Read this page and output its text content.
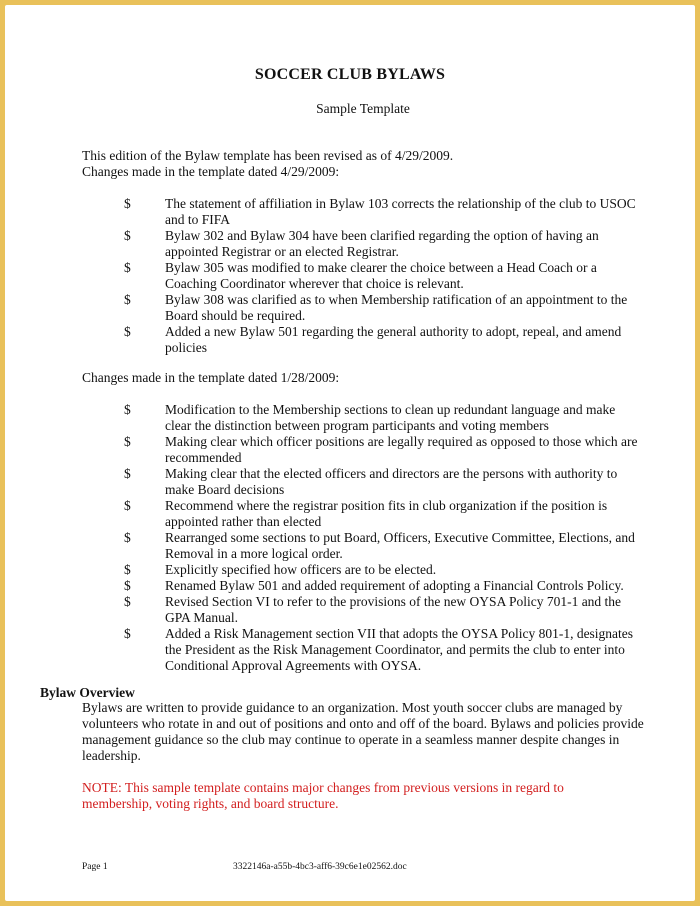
SOCCER CLUB BYLAWS
Sample Template
This edition of the Bylaw template has been revised as of 4/29/2009.
Changes made in the template dated 4/29/2009:
$	The statement of affiliation in Bylaw 103 corrects the relationship of the club to USOC and to FIFA
$	Bylaw 302 and Bylaw 304 have been clarified regarding the option of having an appointed Registrar or an elected Registrar.
$	Bylaw 305 was modified to make clearer the choice between a Head Coach or a Coaching Coordinator wherever that choice is relevant.
$	Bylaw 308 was clarified as to when Membership ratification of an appointment to the Board should be required.
$	Added a new Bylaw 501 regarding the general authority to adopt, repeal, and amend policies
Changes made in the template dated 1/28/2009:
$	Modification to the Membership sections to clean up redundant language and make clear the distinction between program participants and voting members
$	Making clear which officer positions are legally required as opposed to those which are recommended
$	Making clear that the elected officers and directors are the persons with authority to make Board decisions
$	Recommend where the registrar position fits in club organization if the position is appointed rather than elected
$	Rearranged some sections to put Board, Officers, Executive Committee, Elections, and Removal in a more logical order.
$	Explicitly specified how officers are to be elected.
$	Renamed Bylaw 501 and added requirement of adopting a Financial Controls Policy.
$	Revised Section VI to refer to the provisions of the new OYSA Policy 701-1 and the GPA Manual.
$	Added a Risk Management section VII that adopts the OYSA Policy 801-1, designates the President as the Risk Management Coordinator, and permits the club to enter into Conditional Approval Agreements with OYSA.
Bylaw Overview
Bylaws are written to provide guidance to an organization. Most youth soccer clubs are managed by volunteers who rotate in and out of positions and onto and off of the board. Bylaws and policies provide management guidance so the club may continue to operate in a seamless manner despite changes in leadership.
NOTE: This sample template contains major changes from previous versions in regard to membership, voting rights, and board structure.
Page 1	3322146a-a55b-4bc3-aff6-39c6e1e02562.doc
